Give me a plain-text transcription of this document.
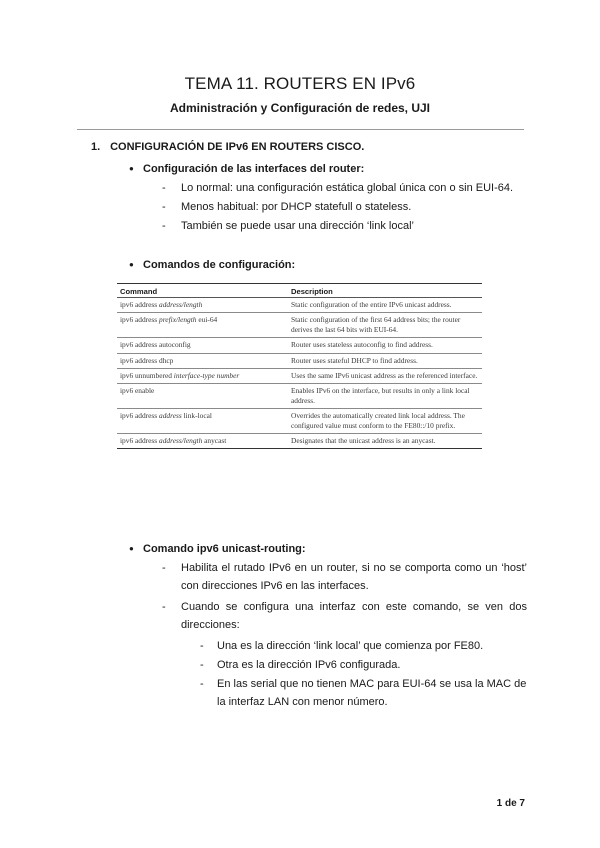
TEMA 11. ROUTERS EN IPv6
Administración y Configuración de redes, UJI
1. CONFIGURACIÓN DE IPv6 EN ROUTERS CISCO.
● Configuración de las interfaces del router:
- Lo normal: una configuración estática global única con o sin EUI-64.
- Menos habitual: por DHCP statefull o stateless.
- También se puede usar una dirección ‘link local’
● Comandos de configuración:
Command	Description
ipv6 address address/length	Static configuration of the entire IPv6 unicast address.
ipv6 address prefix/length eui-64	Static configuration of the first 64 address bits; the router derives the last 64 bits with EUI-64.
ipv6 address autoconfig	Router uses stateless autoconfig to find address.
ipv6 address dhcp	Router uses stateful DHCP to find address.
ipv6 unnumbered interface-type number	Uses the same IPv6 unicast address as the referenced interface.
ipv6 enable	Enables IPv6 on the interface, but results in only a link local address.
ipv6 address address link-local	Overrides the automatically created link local address. The configured value must conform to the FE80::/10 prefix.
ipv6 address address/length anycast	Designates that the unicast address is an anycast.
● Comando ipv6 unicast-routing:
- Habilita el rutado IPv6 en un router, si no se comporta como un ‘host’ con direcciones IPv6 en las interfaces.
- Cuando se configura una interfaz con este comando, se ven dos direcciones:
- Una es la dirección ‘link local’ que comienza por FE80.
- Otra es la dirección IPv6 configurada.
- En las serial que no tienen MAC para EUI-64 se usa la MAC de la interfaz LAN con menor número.
1 de 7
